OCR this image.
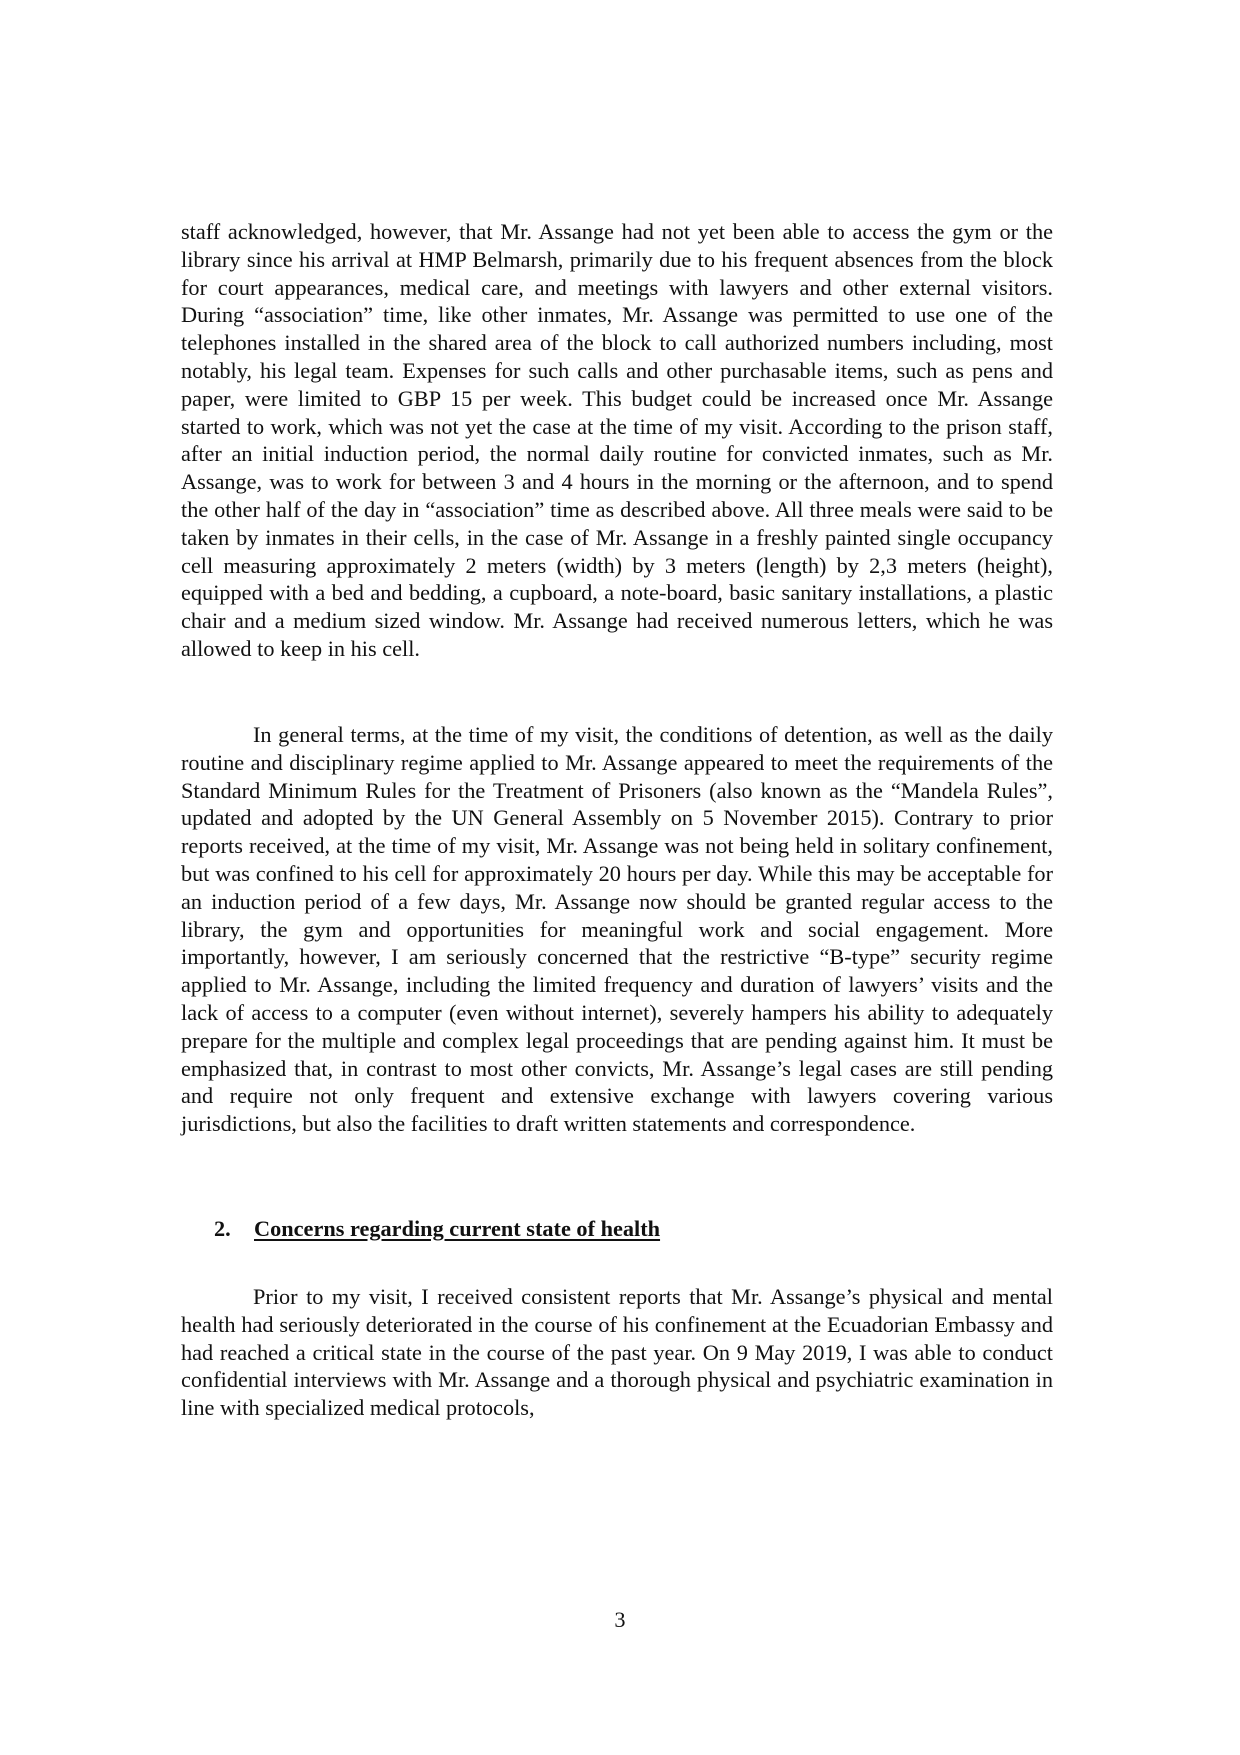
staff acknowledged, however, that Mr. Assange had not yet been able to access the gym or the library since his arrival at HMP Belmarsh, primarily due to his frequent absences from the block for court appearances, medical care, and meetings with lawyers and other external visitors. During “association” time, like other inmates, Mr. Assange was permitted to use one of the telephones installed in the shared area of the block to call authorized numbers including, most notably, his legal team. Expenses for such calls and other purchasable items, such as pens and paper, were limited to GBP 15 per week. This budget could be increased once Mr. Assange started to work, which was not yet the case at the time of my visit. According to the prison staff, after an initial induction period, the normal daily routine for convicted inmates, such as Mr. Assange, was to work for between 3 and 4 hours in the morning or the afternoon, and to spend the other half of the day in “association” time as described above. All three meals were said to be taken by inmates in their cells, in the case of Mr. Assange in a freshly painted single occupancy cell measuring approximately 2 meters (width) by 3 meters (length) by 2,3 meters (height), equipped with a bed and bedding, a cupboard, a note-board, basic sanitary installations, a plastic chair and a medium sized window. Mr. Assange had received numerous letters, which he was allowed to keep in his cell.

In general terms, at the time of my visit, the conditions of detention, as well as the daily routine and disciplinary regime applied to Mr. Assange appeared to meet the requirements of the Standard Minimum Rules for the Treatment of Prisoners (also known as the “Mandela Rules”, updated and adopted by the UN General Assembly on 5 November 2015). Contrary to prior reports received, at the time of my visit, Mr. Assange was not being held in solitary confinement, but was confined to his cell for approximately 20 hours per day. While this may be acceptable for an induction period of a few days, Mr. Assange now should be granted regular access to the library, the gym and opportunities for meaningful work and social engagement. More importantly, however, I am seriously concerned that the restrictive “B-type” security regime applied to Mr. Assange, including the limited frequency and duration of lawyers’ visits and the lack of access to a computer (even without internet), severely hampers his ability to adequately prepare for the multiple and complex legal proceedings that are pending against him. It must be emphasized that, in contrast to most other convicts, Mr. Assange’s legal cases are still pending and require not only frequent and extensive exchange with lawyers covering various jurisdictions, but also the facilities to draft written statements and correspondence.

2. Concerns regarding current state of health

Prior to my visit, I received consistent reports that Mr. Assange’s physical and mental health had seriously deteriorated in the course of his confinement at the Ecuadorian Embassy and had reached a critical state in the course of the past year. On 9 May 2019, I was able to conduct confidential interviews with Mr. Assange and a thorough physical and psychiatric examination in line with specialized medical protocols,

3
